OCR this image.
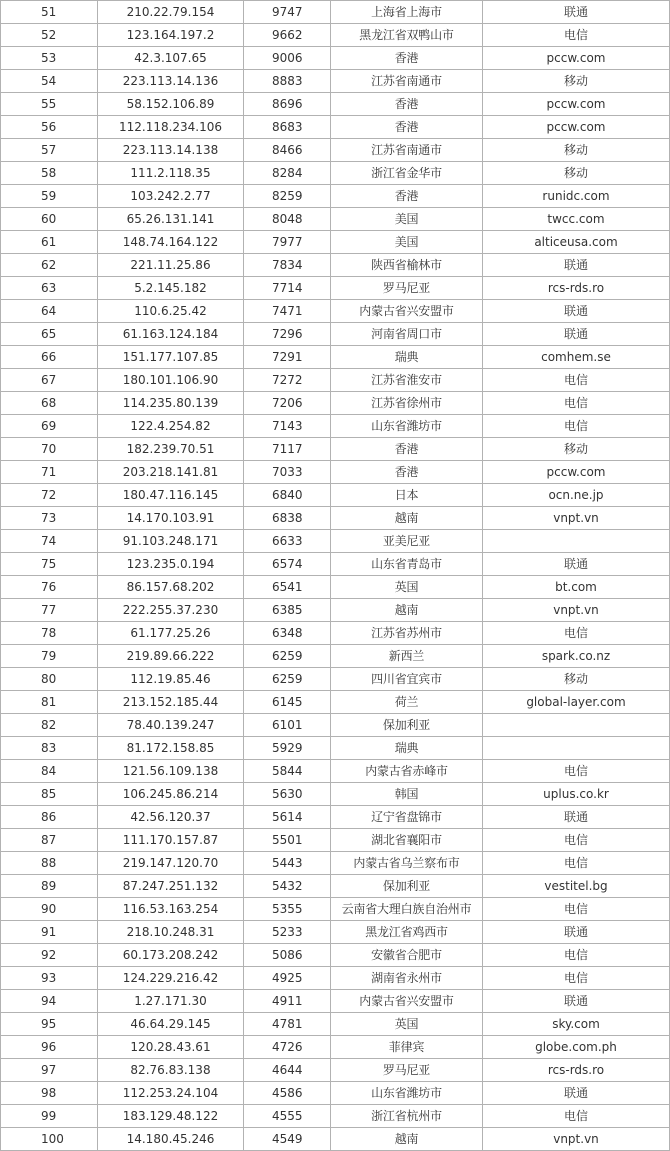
51	210.22.79.154	9747	上海省上海市	联通
52	123.164.197.2	9662	黑龙江省双鸭山市	电信
53	42.3.107.65	9006	香港	pccw.com
54	223.113.14.136	8883	江苏省南通市	移动
55	58.152.106.89	8696	香港	pccw.com
56	112.118.234.106	8683	香港	pccw.com
57	223.113.14.138	8466	江苏省南通市	移动
58	111.2.118.35	8284	浙江省金华市	移动
59	103.242.2.77	8259	香港	runidc.com
60	65.26.131.141	8048	美国	twcc.com
61	148.74.164.122	7977	美国	alticeusa.com
62	221.11.25.86	7834	陕西省榆林市	联通
63	5.2.145.182	7714	罗马尼亚	rcs-rds.ro
64	110.6.25.42	7471	内蒙古省兴安盟市	联通
65	61.163.124.184	7296	河南省周口市	联通
66	151.177.107.85	7291	瑞典	comhem.se
67	180.101.106.90	7272	江苏省淮安市	电信
68	114.235.80.139	7206	江苏省徐州市	电信
69	122.4.254.82	7143	山东省潍坊市	电信
70	182.239.70.51	7117	香港	移动
71	203.218.141.81	7033	香港	pccw.com
72	180.47.116.145	6840	日本	ocn.ne.jp
73	14.170.103.91	6838	越南	vnpt.vn
74	91.103.248.171	6633	亚美尼亚	
75	123.235.0.194	6574	山东省青岛市	联通
76	86.157.68.202	6541	英国	bt.com
77	222.255.37.230	6385	越南	vnpt.vn
78	61.177.25.26	6348	江苏省苏州市	电信
79	219.89.66.222	6259	新西兰	spark.co.nz
80	112.19.85.46	6259	四川省宜宾市	移动
81	213.152.185.44	6145	荷兰	global-layer.com
82	78.40.139.247	6101	保加利亚	
83	81.172.158.85	5929	瑞典	
84	121.56.109.138	5844	内蒙古省赤峰市	电信
85	106.245.86.214	5630	韩国	uplus.co.kr
86	42.56.120.37	5614	辽宁省盘锦市	联通
87	111.170.157.87	5501	湖北省襄阳市	电信
88	219.147.120.70	5443	内蒙古省乌兰察布市	电信
89	87.247.251.132	5432	保加利亚	vestitel.bg
90	116.53.163.254	5355	云南省大理白族自治州市	电信
91	218.10.248.31	5233	黑龙江省鸡西市	联通
92	60.173.208.242	5086	安徽省合肥市	电信
93	124.229.216.42	4925	湖南省永州市	电信
94	1.27.171.30	4911	内蒙古省兴安盟市	联通
95	46.64.29.145	4781	英国	sky.com
96	120.28.43.61	4726	菲律宾	globe.com.ph
97	82.76.83.138	4644	罗马尼亚	rcs-rds.ro
98	112.253.24.104	4586	山东省潍坊市	联通
99	183.129.48.122	4555	浙江省杭州市	电信
100	14.180.45.246	4549	越南	vnpt.vn
